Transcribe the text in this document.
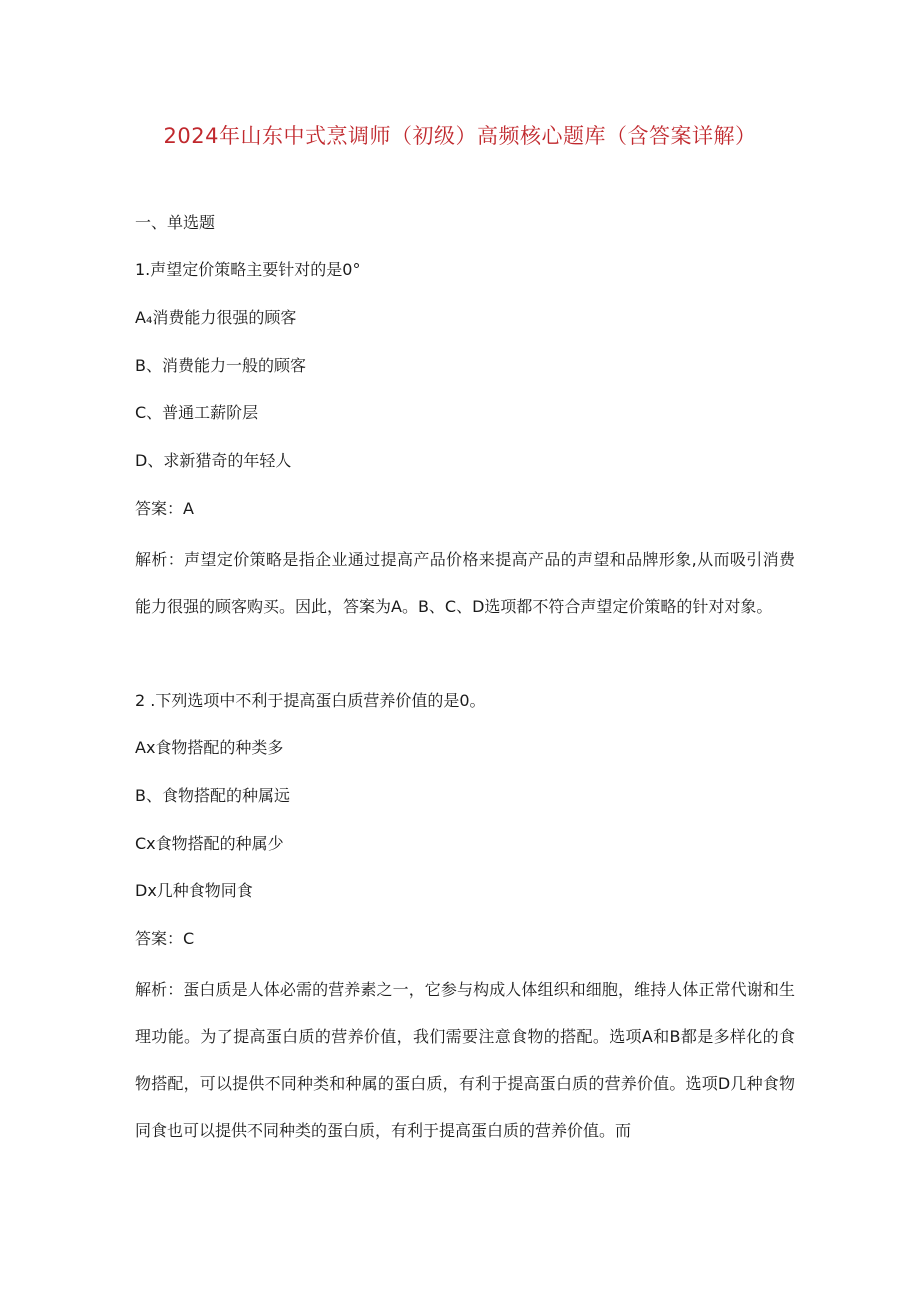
2024年山东中式烹调师（初级）高频核心题库（含答案详解）
一、单选题
1.声望定价策略主要针对的是0°
A₄消费能力很强的顾客
B、消费能力一般的顾客
C、普通工薪阶层
D、求新猎奇的年轻人
答案：A
解析：声望定价策略是指企业通过提高产品价格来提高产品的声望和品牌形象,从而吸引消费能力很强的顾客购买。因此，答案为A。B、C、D选项都不符合声望定价策略的针对对象。
2 .下列选项中不利于提高蛋白质营养价值的是0。
Ax食物搭配的种类多
B、食物搭配的种属远
Cx食物搭配的种属少
Dx几种食物同食
答案：C
解析：蛋白质是人体必需的营养素之一，它参与构成人体组织和细胞，维持人体正常代谢和生理功能。为了提高蛋白质的营养价值，我们需要注意食物的搭配。选项A和B都是多样化的食物搭配，可以提供不同种类和种属的蛋白质，有利于提高蛋白质的营养价值。选项D几种食物同食也可以提供不同种类的蛋白质，有利于提高蛋白质的营养价值。而
